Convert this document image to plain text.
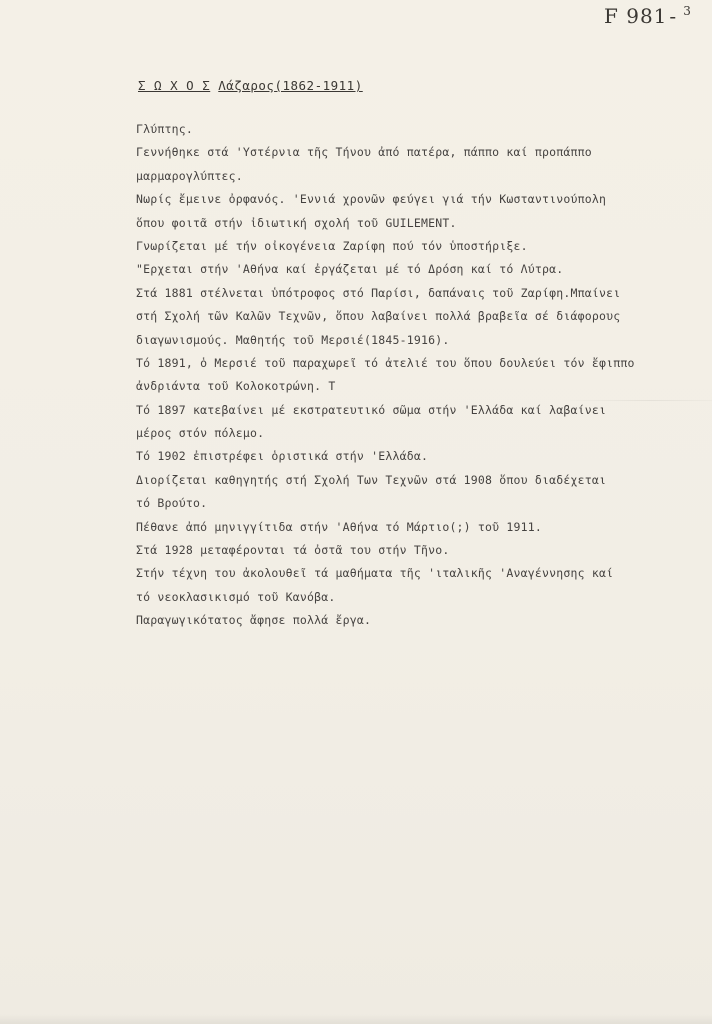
F 981 - $^3$
Σ Ω Χ Ο Σ Λάζαρος(1862-1911)
Γλύπτης.
Γεννήθηκε στά 'Υστέρνια τῆς Τήνου ἀπό πατέρα, πάππο καί προπάππο
μαρμαρογλύπτες.
Νωρίς ἔμεινε ὀρφανός. 'Εννιά χρονῶν φεύγει γιά τήν Κωσταντινούπολη
ὅπου φοιτᾶ στήν ἰδιωτική σχολή τοῦ GUILEMENT.
Γνωρίζεται μέ τήν οἰκογένεια Ζαρίφη πού τόν ὑποστήριξε.
"Ερχεται στήν 'Αθήνα καί ἐργάζεται μέ τό Δρόση καί τό Λύτρα.
Στά 1881 στέλνεται ὑπότροφος στό Παρίσι, δαπάναις τοῦ Ζαρίφη.Μπαίνει
στή Σχολή τῶν Καλῶν Τεχνῶν, ὅπου λαβαίνει πολλά βραβεῖα σέ διάφορους
διαγωνισμούς. Μαθητής τοῦ Μερσιέ(1845-1916).
Τό 1891, ὁ Μερσιέ τοῦ παραχωρεῖ τό ἀτελιέ του ὅπου δουλεύει τόν ἔφιππο
ἀνδριάντα τοῦ Κολοκοτρώνη. Τ
Τό 1897 κατεβαίνει μέ εκστρατευτικό σῶμα στήν 'Ελλάδα καί λαβαίνει
μέρος στόν πόλεμο.
Τό 1902 ἐπιστρέφει ὁριστικά στήν 'Ελλάδα.
Διορίζεται καθηγητής στή Σχολή Των Τεχνῶν στά 1908 ὅπου διαδέχεται
τό Βρούτο.
Πέθανε ἀπό μηνιγγίτιδα στήν 'Αθήνα τό Μάρτιο(;) τοῦ 1911.
Στά 1928 μεταφέρονται τά ὀστᾶ του στήν Τῆνο.
Στήν τέχνη του ἀκολουθεῖ τά μαθήματα τῆς 'ιταλικῆς 'Αναγέννησης καί
τό νεοκλασικισμό τοῦ Κανόβα.
Παραγωγικότατος ἄφησε πολλά ἔργα.
